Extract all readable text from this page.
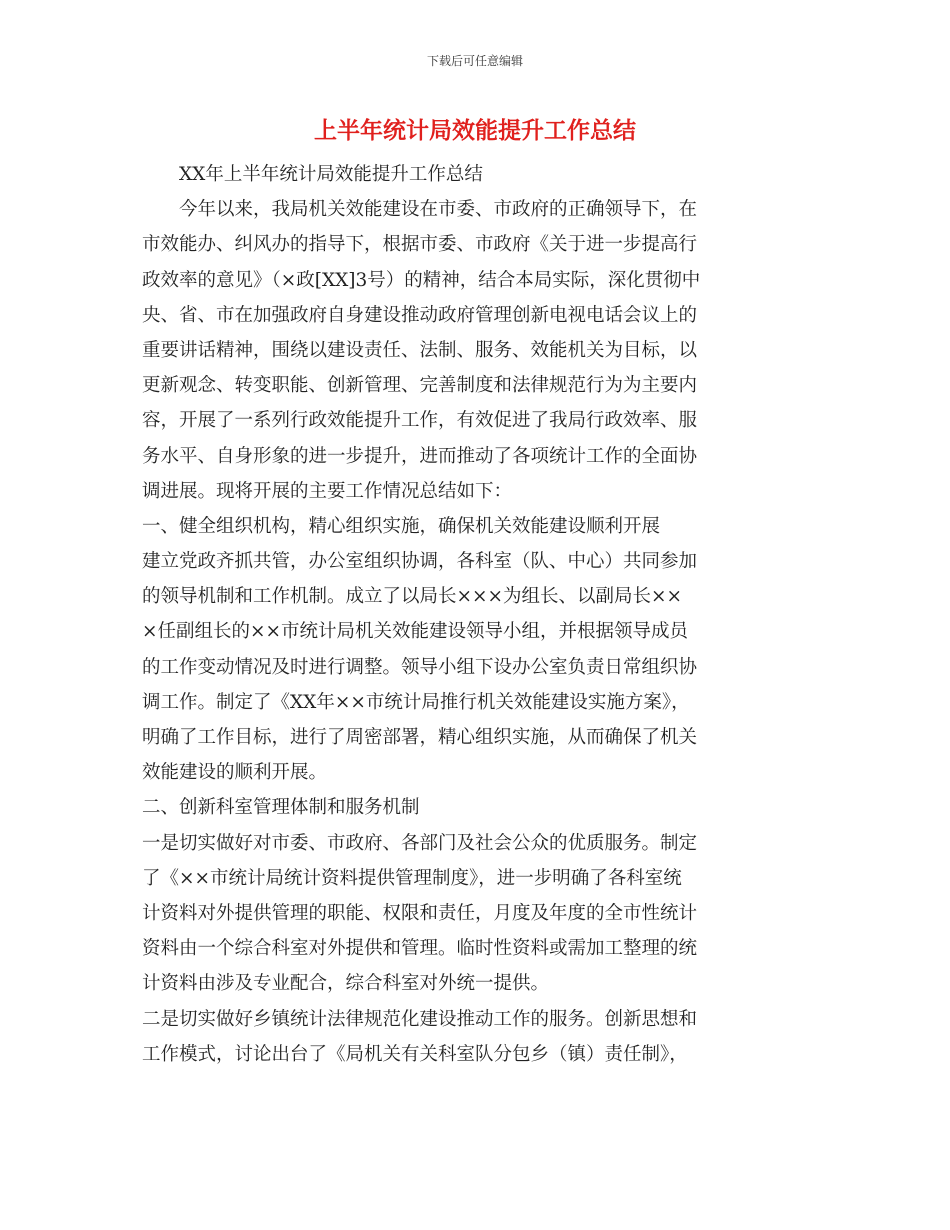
下载后可任意编辑
上半年统计局效能提升工作总结
　　XX年上半年统计局效能提升工作总结
　　今年以来，我局机关效能建设在市委、市政府的正确领导下，在
市效能办、纠风办的指导下，根据市委、市政府《关于进一步提高行
政效率的意见》（×政[XX]3号）的精神，结合本局实际，深化贯彻中
央、省、市在加强政府自身建设推动政府管理创新电视电话会议上的
重要讲话精神，围绕以建设责任、法制、服务、效能机关为目标，以
更新观念、转变职能、创新管理、完善制度和法律规范行为为主要内
容，开展了一系列行政效能提升工作，有效促进了我局行政效率、服
务水平、自身形象的进一步提升，进而推动了各项统计工作的全面协
调进展。现将开展的主要工作情况总结如下：
一、健全组织机构，精心组织实施，确保机关效能建设顺利开展
建立党政齐抓共管，办公室组织协调，各科室（队、中心）共同参加
的领导机制和工作机制。成立了以局长×××为组长、以副局长××
×任副组长的××市统计局机关效能建设领导小组，并根据领导成员
的工作变动情况及时进行调整。领导小组下设办公室负责日常组织协
调工作。制定了《XX年××市统计局推行机关效能建设实施方案》，
明确了工作目标，进行了周密部署，精心组织实施，从而确保了机关
效能建设的顺利开展。
二、创新科室管理体制和服务机制
一是切实做好对市委、市政府、各部门及社会公众的优质服务。制定
了《××市统计局统计资料提供管理制度》，进一步明确了各科室统
计资料对外提供管理的职能、权限和责任，月度及年度的全市性统计
资料由一个综合科室对外提供和管理。临时性资料或需加工整理的统
计资料由涉及专业配合，综合科室对外统一提供。
二是切实做好乡镇统计法律规范化建设推动工作的服务。创新思想和
工作模式，讨论出台了《局机关有关科室队分包乡（镇）责任制》，
